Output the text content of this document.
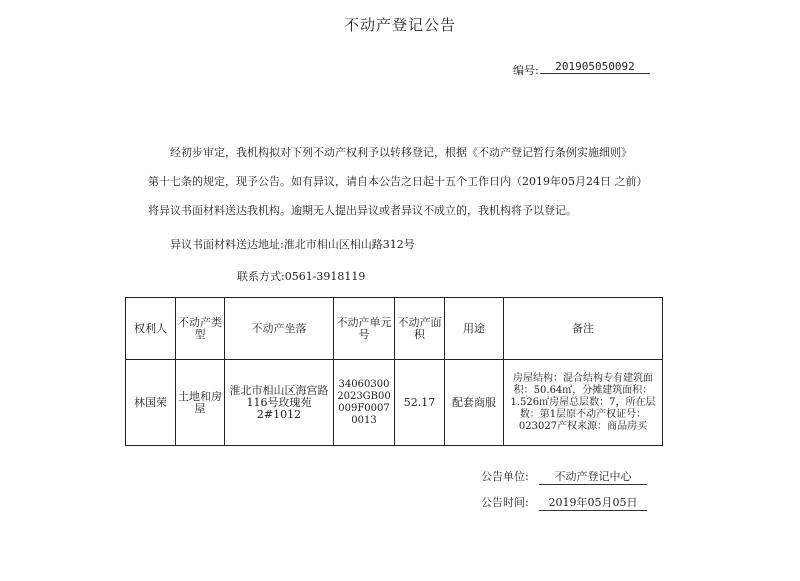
不动产登记公告
编号:	201905050092
经初步审定，我机构拟对下列不动产权利予以转移登记，根据《不动产登记暂行条例实施细则》
第十七条的规定，现予公告。如有异议，请自本公告之日起十五个工作日内（2019年05月24日 之前）
将异议书面材料送达我机构。逾期无人提出异议或者异议不成立的，我机构将予以登记。
异议书面材料送达地址:淮北市相山区相山路312号
联系方式:0561-3918119
权利人	不动产类型	不动产坐落	不动产单元号	不动产面积	用途	备注
林国荣	土地和房屋	淮北市相山区海宫路116号玫瑰苑2#1012	340603002023GB00009F00070013	52.17	配套商服	房屋结构：混合结构专有建筑面积：50.64㎡，分摊建筑面积：1.526㎡房屋总层数：7，所在层数：第1层原不动产权证号：023027产权来源：商品房买
公告单位:	不动产登记中心
公告时间:	2019年05月05日
